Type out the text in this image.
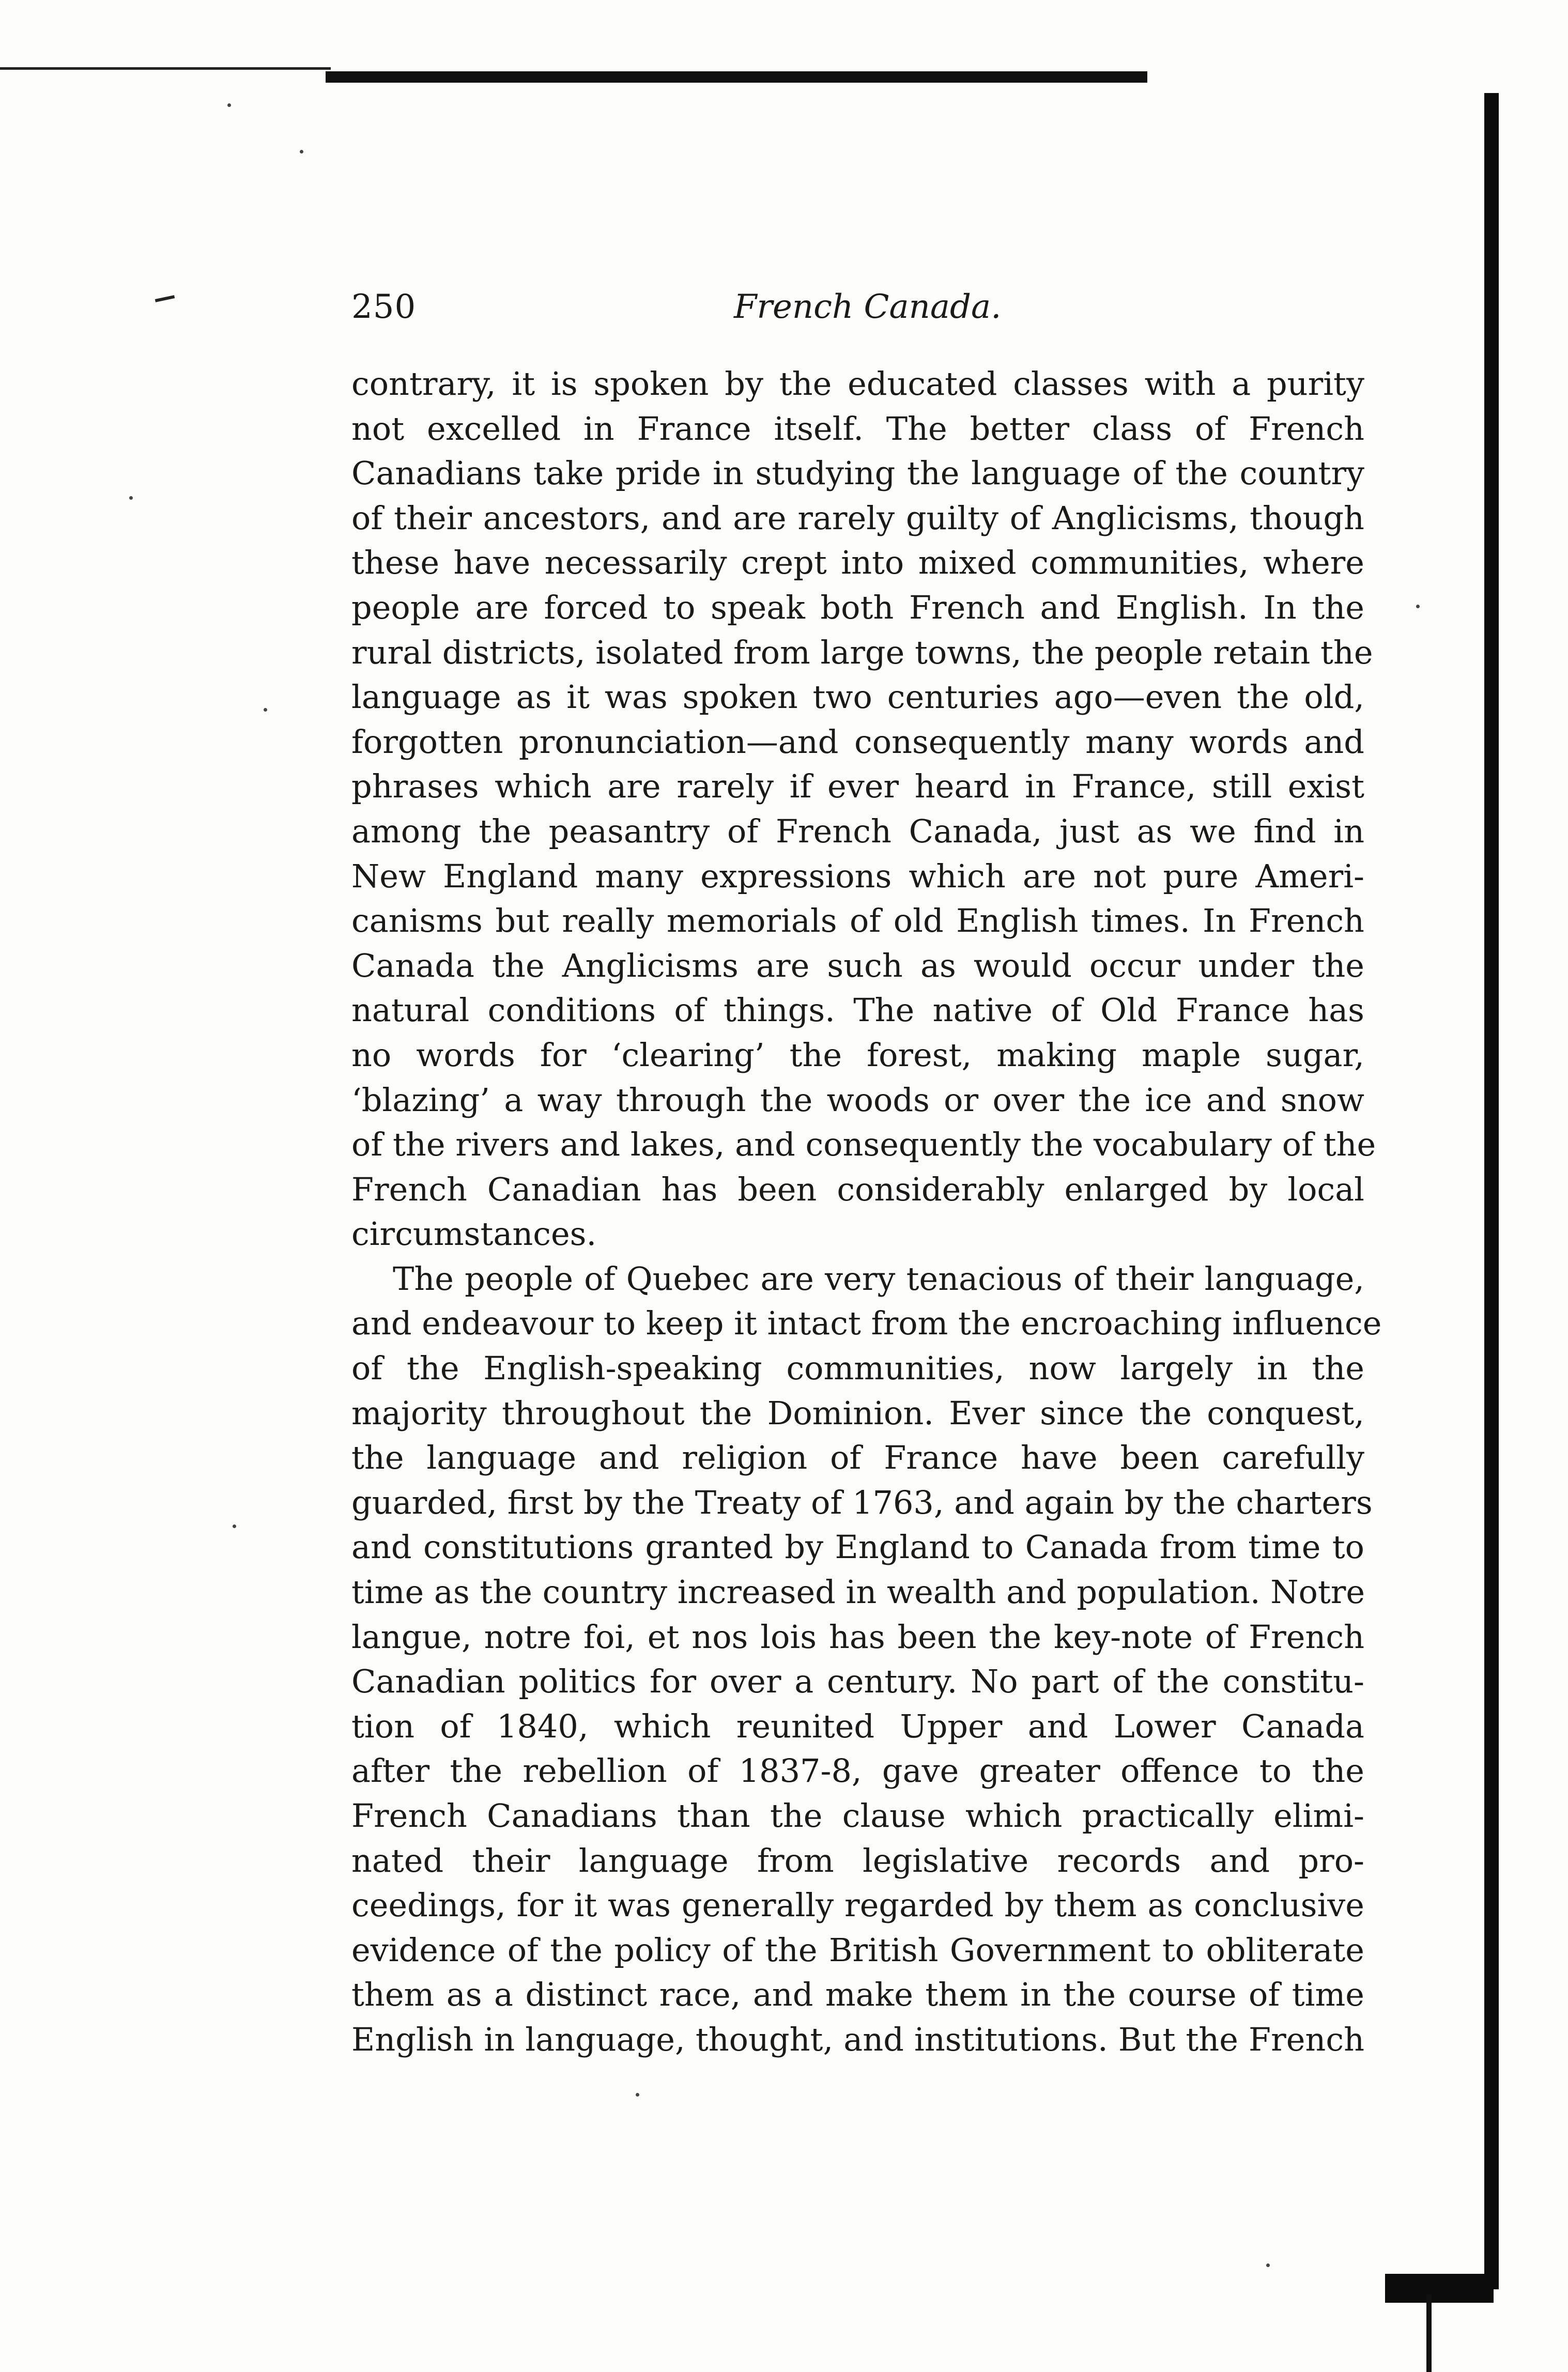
250	French Canada.
contrary, it is spoken by the educated classes with a purity
not excelled in France itself. The better class of French
Canadians take pride in studying the language of the country
of their ancestors, and are rarely guilty of Anglicisms, though
these have necessarily crept into mixed communities, where
people are forced to speak both French and English. In the
rural districts, isolated from large towns, the people retain the
language as it was spoken two centuries ago—even the old,
forgotten pronunciation—and consequently many words and
phrases which are rarely if ever heard in France, still exist
among the peasantry of French Canada, just as we find in
New England many expressions which are not pure Ameri-
canisms but really memorials of old English times. In French
Canada the Anglicisms are such as would occur under the
natural conditions of things. The native of Old France has
no words for ‘clearing’ the forest, making maple sugar,
‘blazing’ a way through the woods or over the ice and snow
of the rivers and lakes, and consequently the vocabulary of the
French Canadian has been considerably enlarged by local
circumstances.
The people of Quebec are very tenacious of their language,
and endeavour to keep it intact from the encroaching influence
of the English-speaking communities, now largely in the
majority throughout the Dominion. Ever since the conquest,
the language and religion of France have been carefully
guarded, first by the Treaty of 1763, and again by the charters
and constitutions granted by England to Canada from time to
time as the country increased in wealth and population. Notre
langue, notre foi, et nos lois has been the key-note of French
Canadian politics for over a century. No part of the constitu-
tion of 1840, which reunited Upper and Lower Canada
after the rebellion of 1837-8, gave greater offence to the
French Canadians than the clause which practically elimi-
nated their language from legislative records and pro-
ceedings, for it was generally regarded by them as conclusive
evidence of the policy of the British Government to obliterate
them as a distinct race, and make them in the course of time
English in language, thought, and institutions. But the French
